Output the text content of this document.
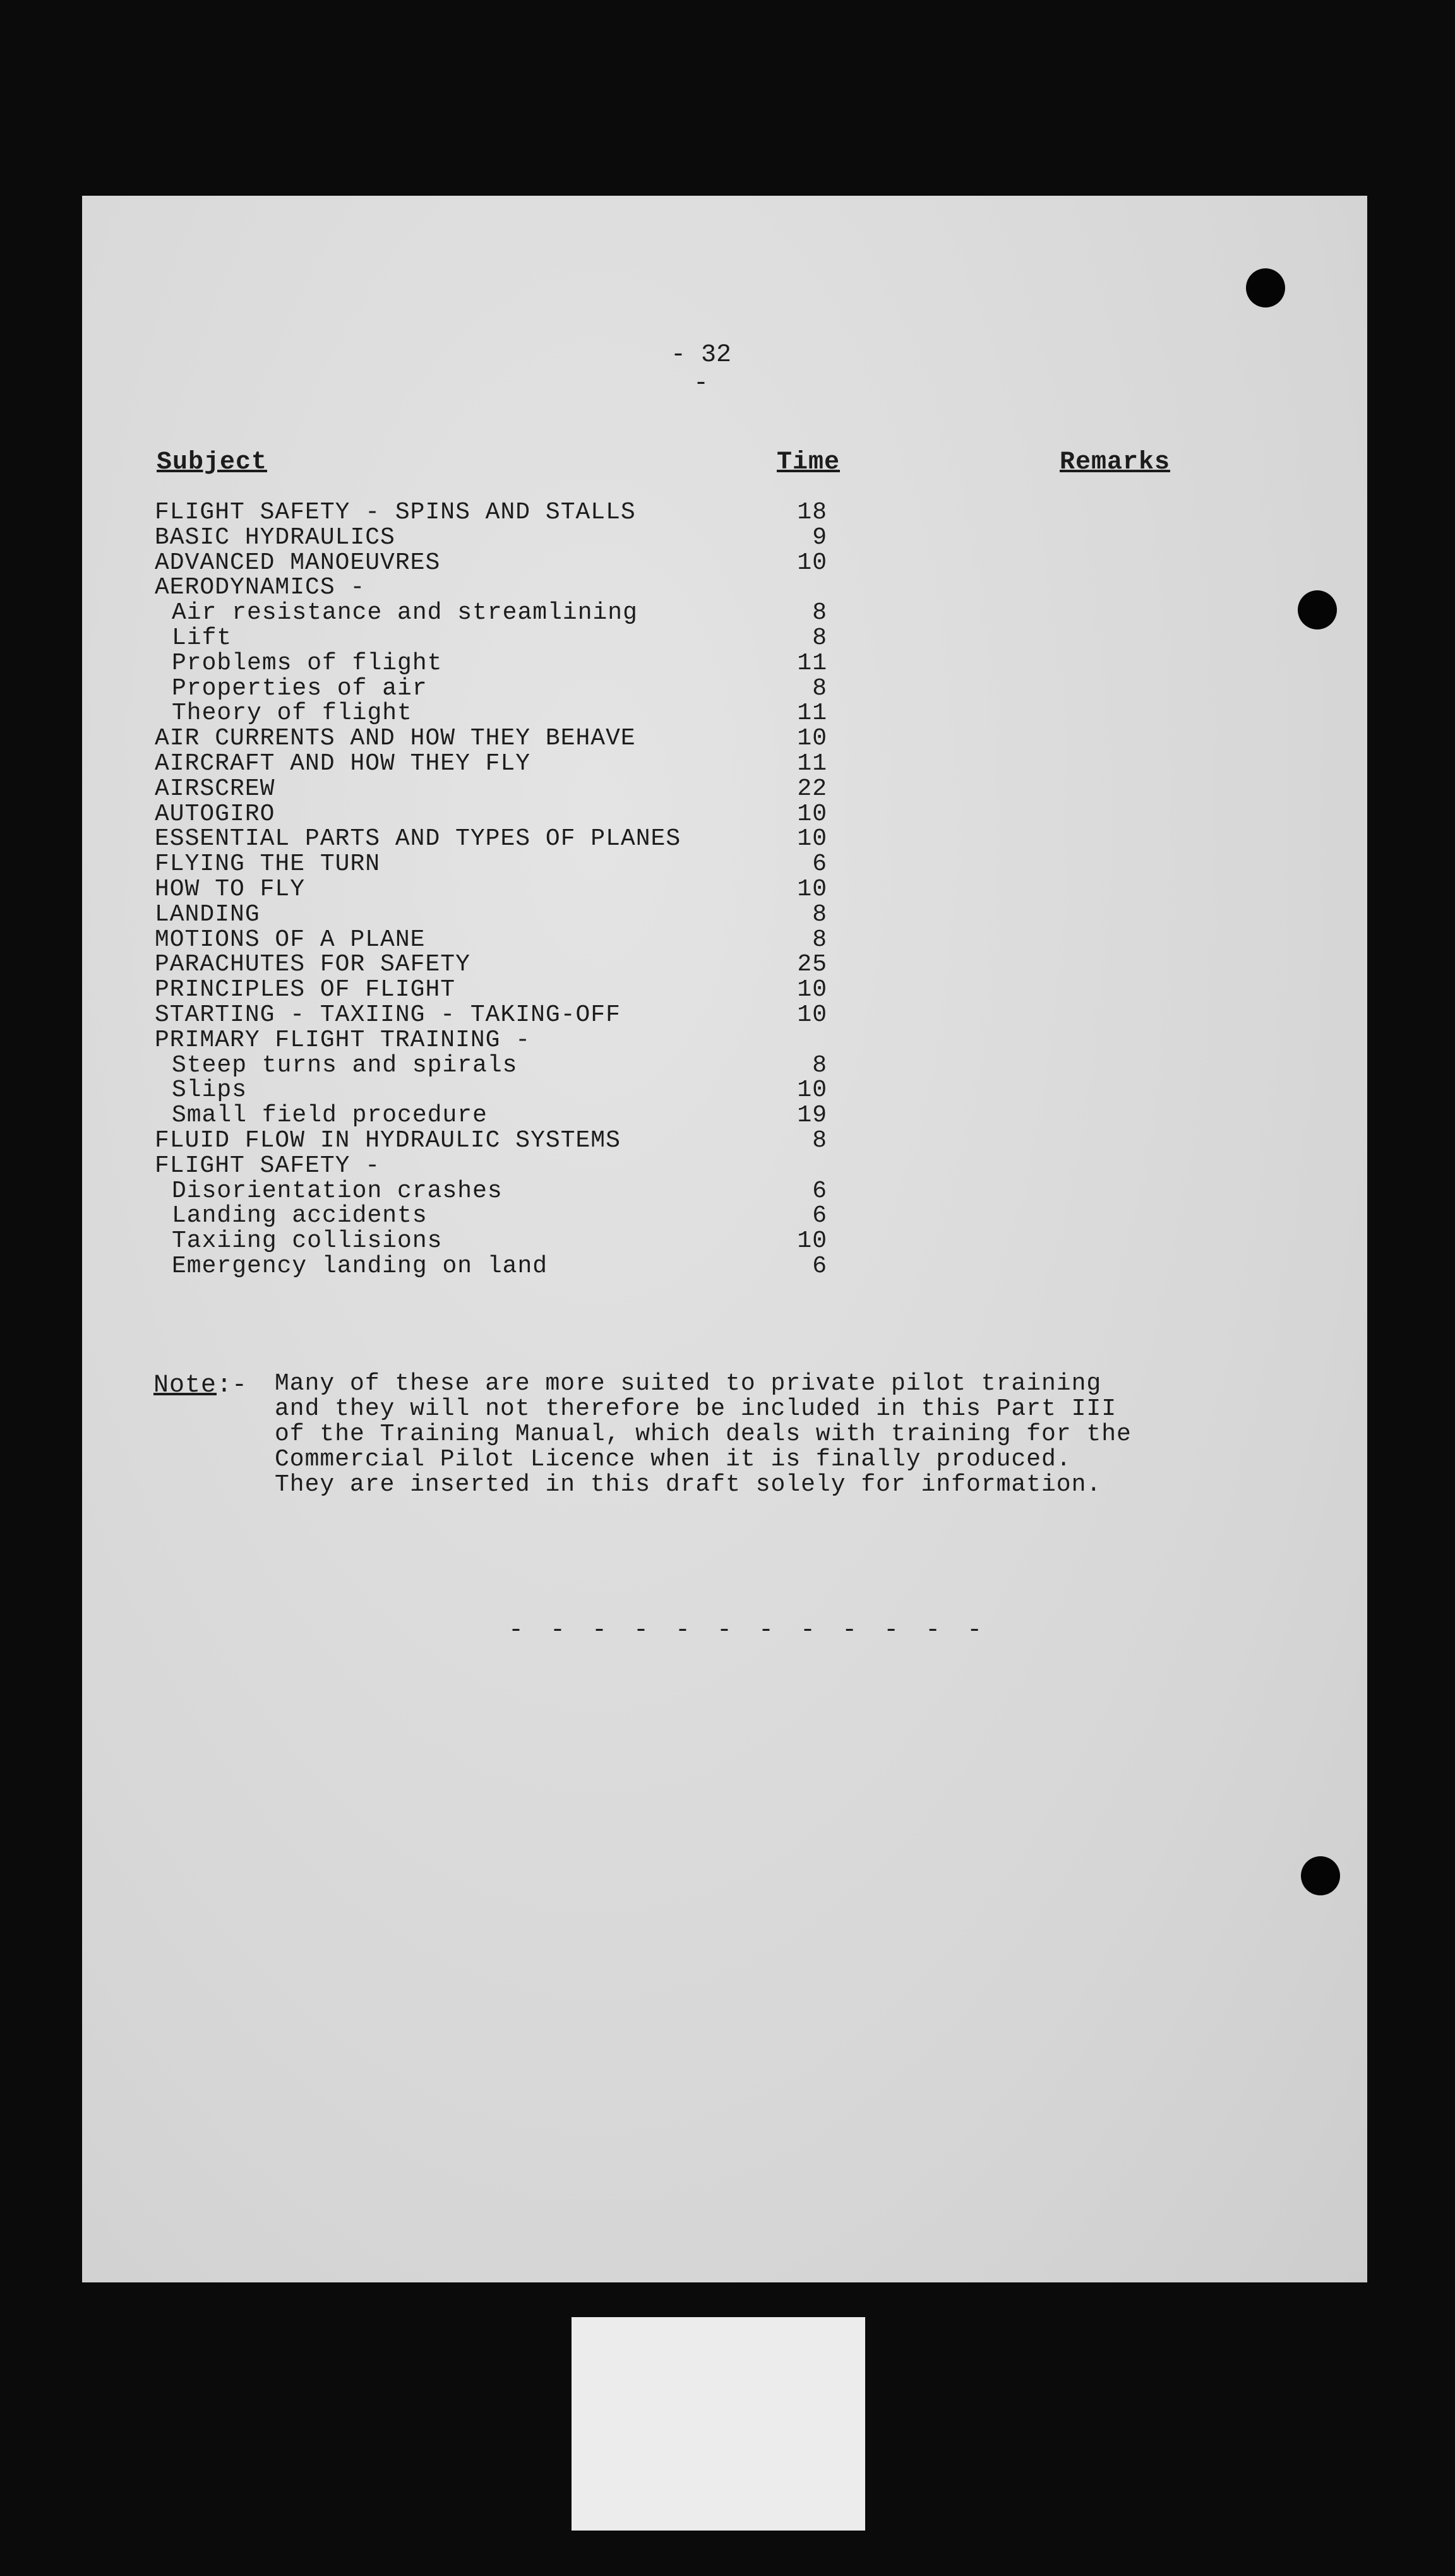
- 32 -
Subject	Time	Remarks
FLIGHT SAFETY - SPINS AND STALLS	18
BASIC HYDRAULICS	9
ADVANCED MANOEUVRES	10
AERODYNAMICS -
Air resistance and streamlining	8
Lift	8
Problems of flight	11
Properties of air	8
Theory of flight	11
AIR CURRENTS AND HOW THEY BEHAVE	10
AIRCRAFT AND HOW THEY FLY	11
AIRSCREW	22
AUTOGIRO	10
ESSENTIAL PARTS AND TYPES OF PLANES	10
FLYING THE TURN	6
HOW TO FLY	10
LANDING	8
MOTIONS OF A PLANE	8
PARACHUTES FOR SAFETY	25
PRINCIPLES OF FLIGHT	10
STARTING - TAXIING - TAKING-OFF	10
PRIMARY FLIGHT TRAINING -
Steep turns and spirals	8
Slips	10
Small field procedure	19
FLUID FLOW IN HYDRAULIC SYSTEMS	8
FLIGHT SAFETY -
Disorientation crashes	6
Landing accidents	6
Taxiing collisions	10
Emergency landing on land	6
Note :- Many of these are more suited to private pilot training
and they will not therefore be included in this Part III
of the Training Manual, which deals with training for the
Commercial Pilot Licence when it is finally produced.
They are inserted in this draft solely for information.
- - - - - - - - - - - -
